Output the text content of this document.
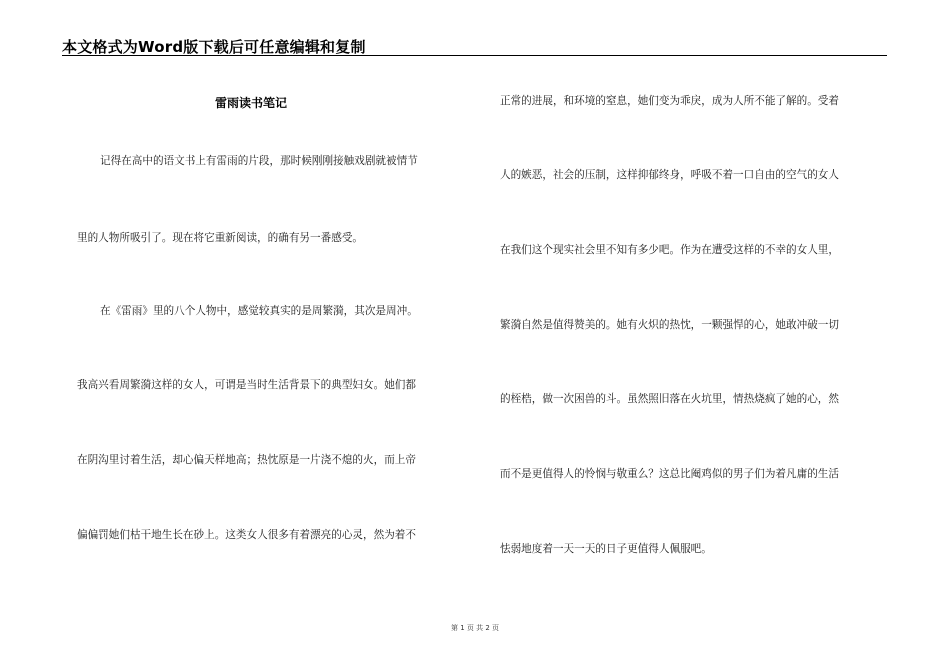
本文格式为Word版下载后可任意编辑和复制
雷雨读书笔记
记得在高中的语文书上有雷雨的片段，那时候刚刚接触戏剧就被情节
里的人物所吸引了。现在将它重新阅读，的确有另一番感受。
在《雷雨》里的八个人物中，感觉较真实的是周繁漪，其次是周冲。
我高兴看周繁漪这样的女人，可谓是当时生活背景下的典型妇女。她们都
在阴沟里讨着生活，却心偏天样地高；热忱原是一片浇不熄的火，而上帝
偏偏罚她们枯干地生长在砂上。这类女人很多有着漂亮的心灵，然为着不
正常的进展，和环境的窒息，她们变为乖戾，成为人所不能了解的。受着
人的嫉恶，社会的压制，这样抑郁终身，呼吸不着一口自由的空气的女人
在我们这个现实社会里不知有多少吧。作为在遭受这样的不幸的女人里，
繁漪自然是值得赞美的。她有火炽的热忱，一颗强悍的心，她敢冲破一切
的桎梏，做一次困兽的斗。虽然照旧落在火坑里，情热烧疯了她的心，然
而不是更值得人的怜悯与敬重么？这总比阉鸡似的男子们为着凡庸的生活
怯弱地度着一天一天的日子更值得人佩服吧。
第 1 页 共 2 页
